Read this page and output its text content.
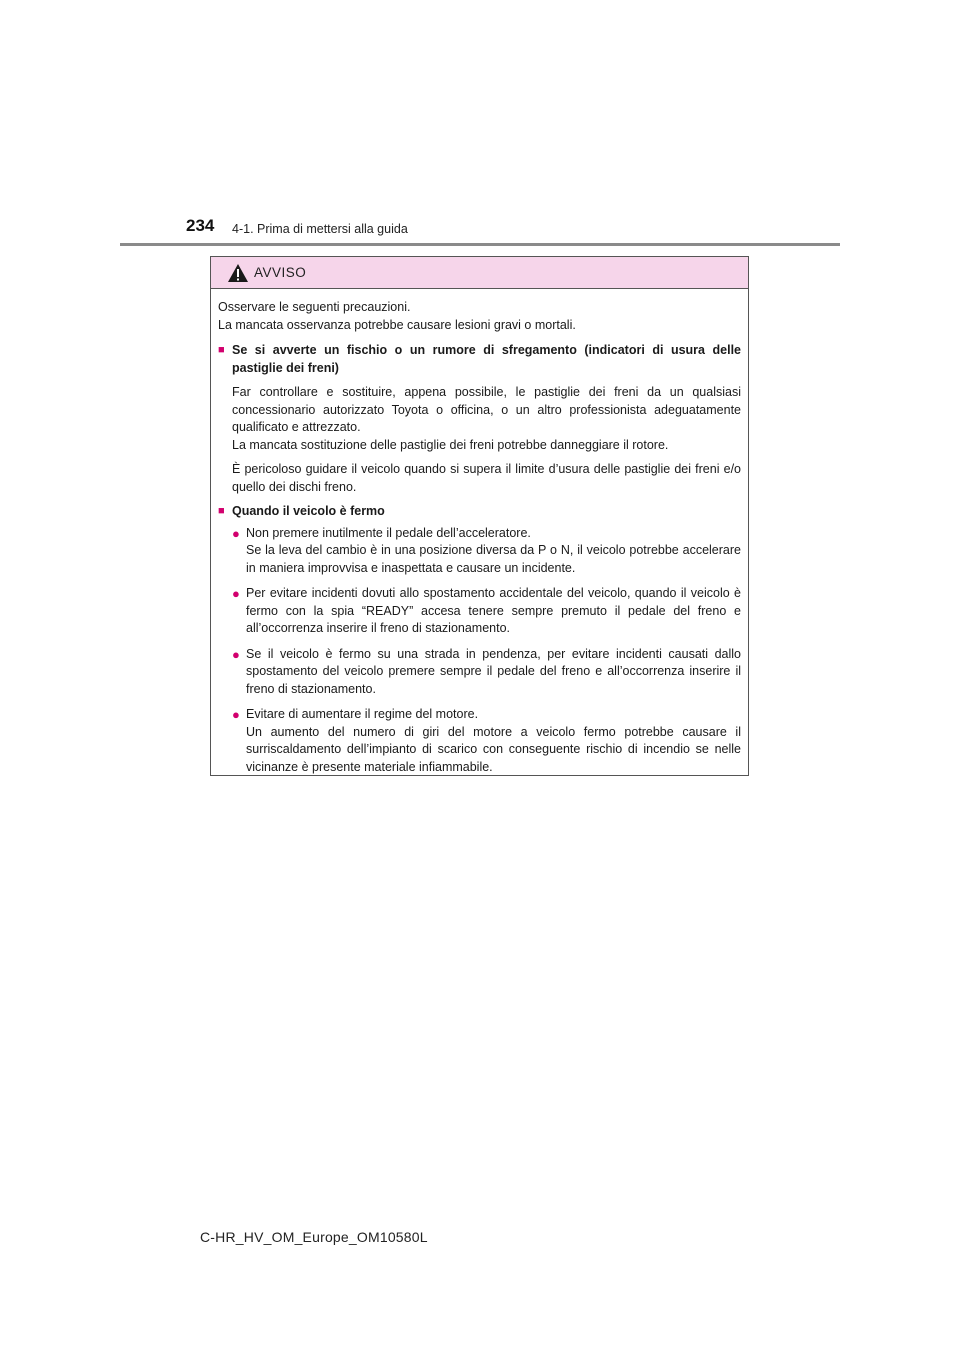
234 4-1. Prima di mettersi alla guida
AVVISO

Osservare le seguenti precauzioni.

La mancata osservanza potrebbe causare lesioni gravi o mortali.

■ Se si avverte un fischio o un rumore di sfregamento (indicatori di usura delle pastiglie dei freni)

Far controllare e sostituire, appena possibile, le pastiglie dei freni da un qualsiasi concessionario autorizzato Toyota o officina, o un altro professionista adeguatamente qualificato e attrezzato.

La mancata sostituzione delle pastiglie dei freni potrebbe danneggiare il rotore.

È pericoloso guidare il veicolo quando si supera il limite d’usura delle pastiglie dei freni e/o quello dei dischi freno.

■ Quando il veicolo è fermo
● Non premere inutilmente il pedale dell’acceleratore.

Se la leva del cambio è in una posizione diversa da P o N, il veicolo potrebbe accelerare in maniera improvvisa e inaspettata e causare un incidente.

● Per evitare incidenti dovuti allo spostamento accidentale del veicolo, quando il veicolo è fermo con la spia “READY” accesa tenere sempre premuto il pedale del freno e all’occorrenza inserire il freno di stazionamento.

● Se il veicolo è fermo su una strada in pendenza, per evitare incidenti causati dallo spostamento del veicolo premere sempre il pedale del freno e all’occorrenza inserire il freno di stazionamento.

● Evitare di aumentare il regime del motore.

Un aumento del numero di giri del motore a veicolo fermo potrebbe causare il surriscaldamento dell’impianto di scarico con conseguente rischio di incendio se nelle vicinanze è presente materiale infiammabile.

C-HR_HV_OM_Europe_OM10580L
